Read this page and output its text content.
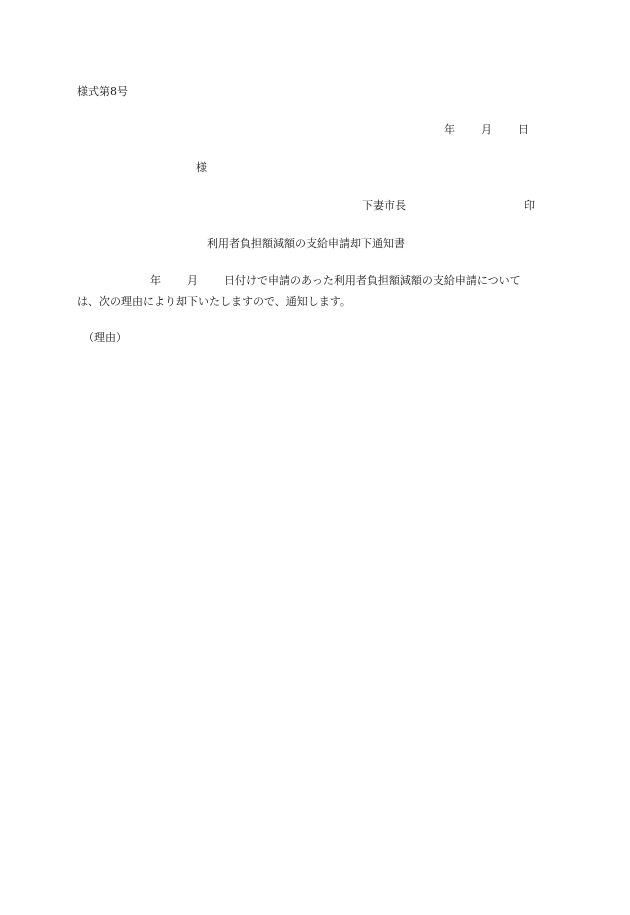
様式第8号
年 月 日
様
下妻市長	印
利用者負担額減額の支給申請却下通知書
年 月 日付けで申請のあった利用者負担額減額の支給申請について
は、次の理由により却下いたしますので、通知します。
（理由）
